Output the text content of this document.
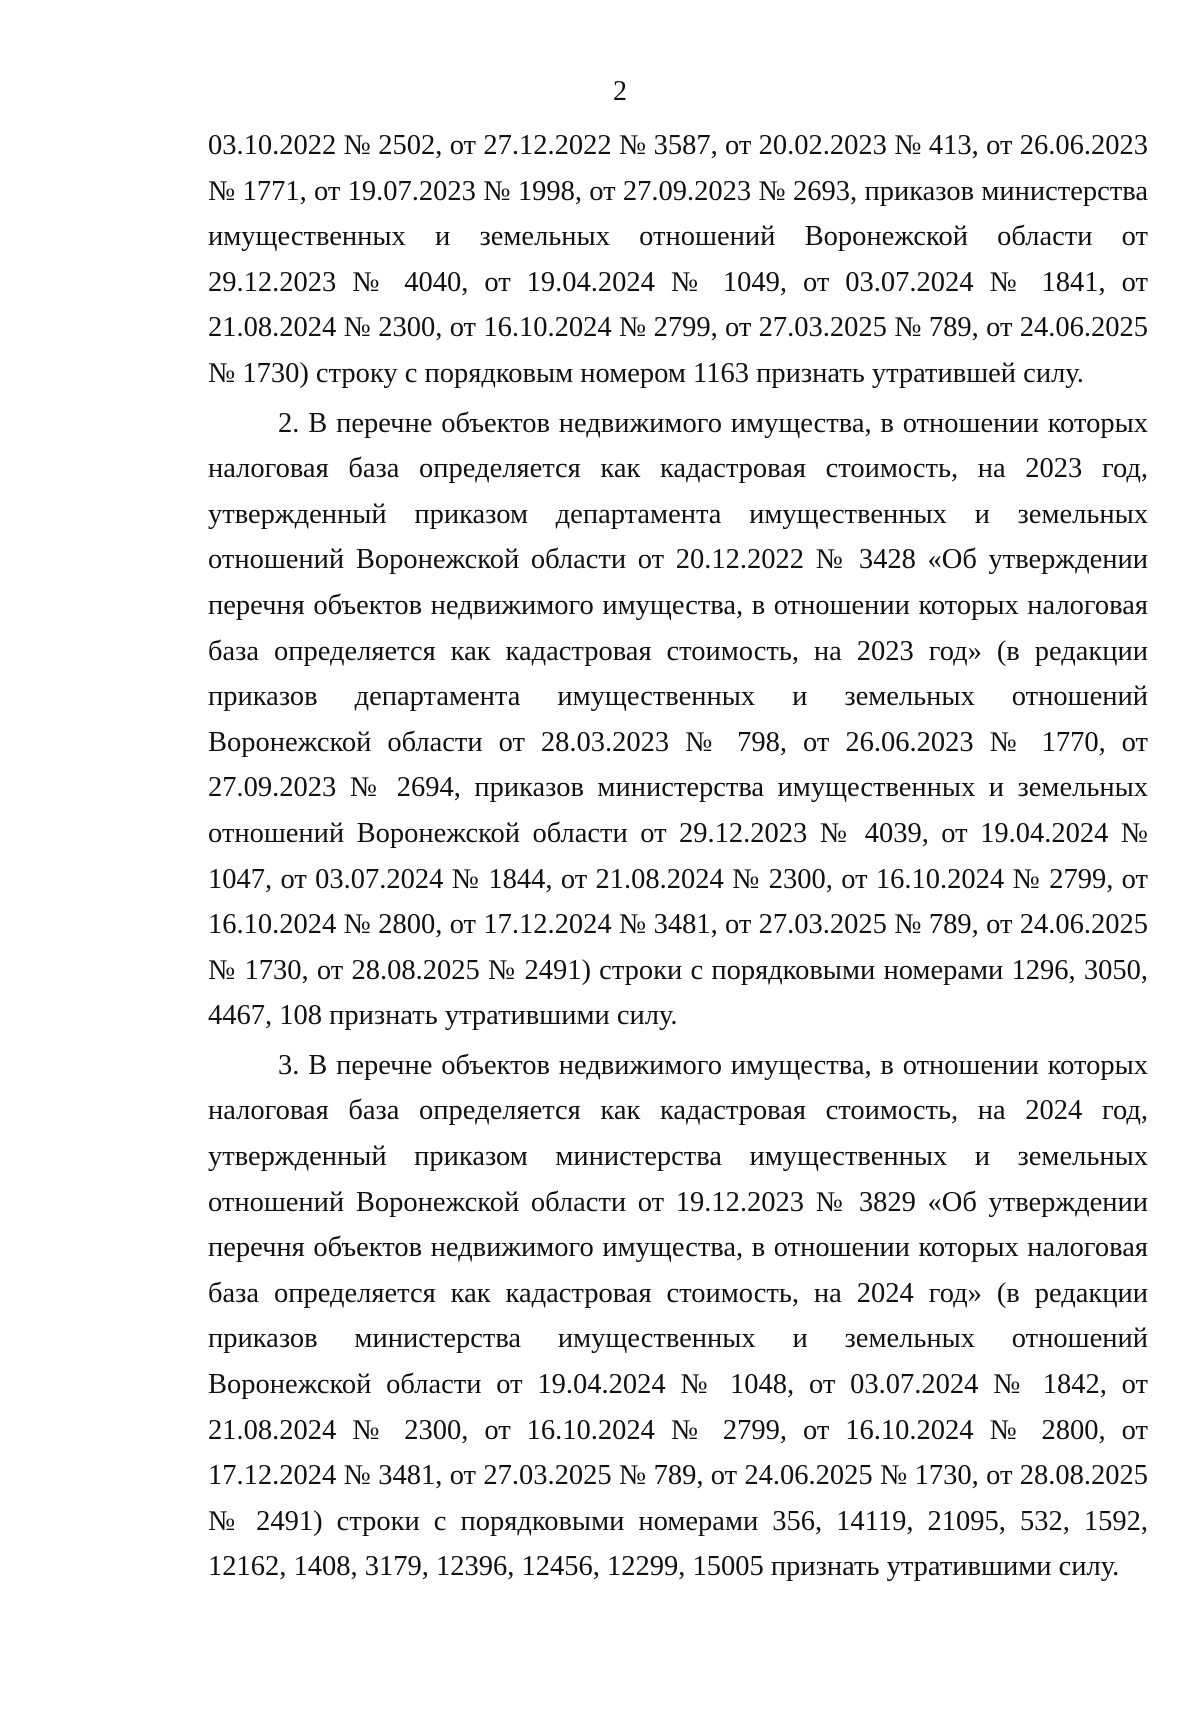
2

03.10.2022 № 2502, от 27.12.2022 № 3587, от 20.02.2023 № 413, от 26.06.2023 № 1771, от 19.07.2023 № 1998, от 27.09.2023 № 2693, приказов министерства имущественных и земельных отношений Воронежской области от 29.12.2023 № 4040, от 19.04.2024 № 1049, от 03.07.2024 № 1841, от 21.08.2024 № 2300, от 16.10.2024 № 2799, от 27.03.2025 № 789, от 24.06.2025 № 1730) строку с порядковым номером 1163 признать утратившей силу.

2. В перечне объектов недвижимого имущества, в отношении которых налоговая база определяется как кадастровая стоимость, на 2023 год, утвержденный приказом департамента имущественных и земельных отношений Воронежской области от 20.12.2022 № 3428 «Об утверждении перечня объектов недвижимого имущества, в отношении которых налоговая база определяется как кадастровая стоимость, на 2023 год» (в редакции приказов департамента имущественных и земельных отношений Воронежской области от 28.03.2023 № 798, от 26.06.2023 № 1770, от 27.09.2023 № 2694, приказов министерства имущественных и земельных отношений Воронежской области от 29.12.2023 № 4039, от 19.04.2024 № 1047, от 03.07.2024 № 1844, от 21.08.2024 № 2300, от 16.10.2024 № 2799, от 16.10.2024 № 2800, от 17.12.2024 № 3481, от 27.03.2025 № 789, от 24.06.2025 № 1730, от 28.08.2025 № 2491) строки с порядковыми номерами 1296, 3050, 4467, 108 признать утратившими силу.

3. В перечне объектов недвижимого имущества, в отношении которых налоговая база определяется как кадастровая стоимость, на 2024 год, утвержденный приказом министерства имущественных и земельных отношений Воронежской области от 19.12.2023 № 3829 «Об утверждении перечня объектов недвижимого имущества, в отношении которых налоговая база определяется как кадастровая стоимость, на 2024 год» (в редакции приказов министерства имущественных и земельных отношений Воронежской области от 19.04.2024 № 1048, от 03.07.2024 № 1842, от 21.08.2024 № 2300, от 16.10.2024 № 2799, от 16.10.2024 № 2800, от 17.12.2024 № 3481, от 27.03.2025 № 789, от 24.06.2025 № 1730, от 28.08.2025 № 2491) строки с порядковыми номерами 356, 14119, 21095, 532, 1592, 12162, 1408, 3179, 12396, 12456, 12299, 15005 признать утратившими силу.
